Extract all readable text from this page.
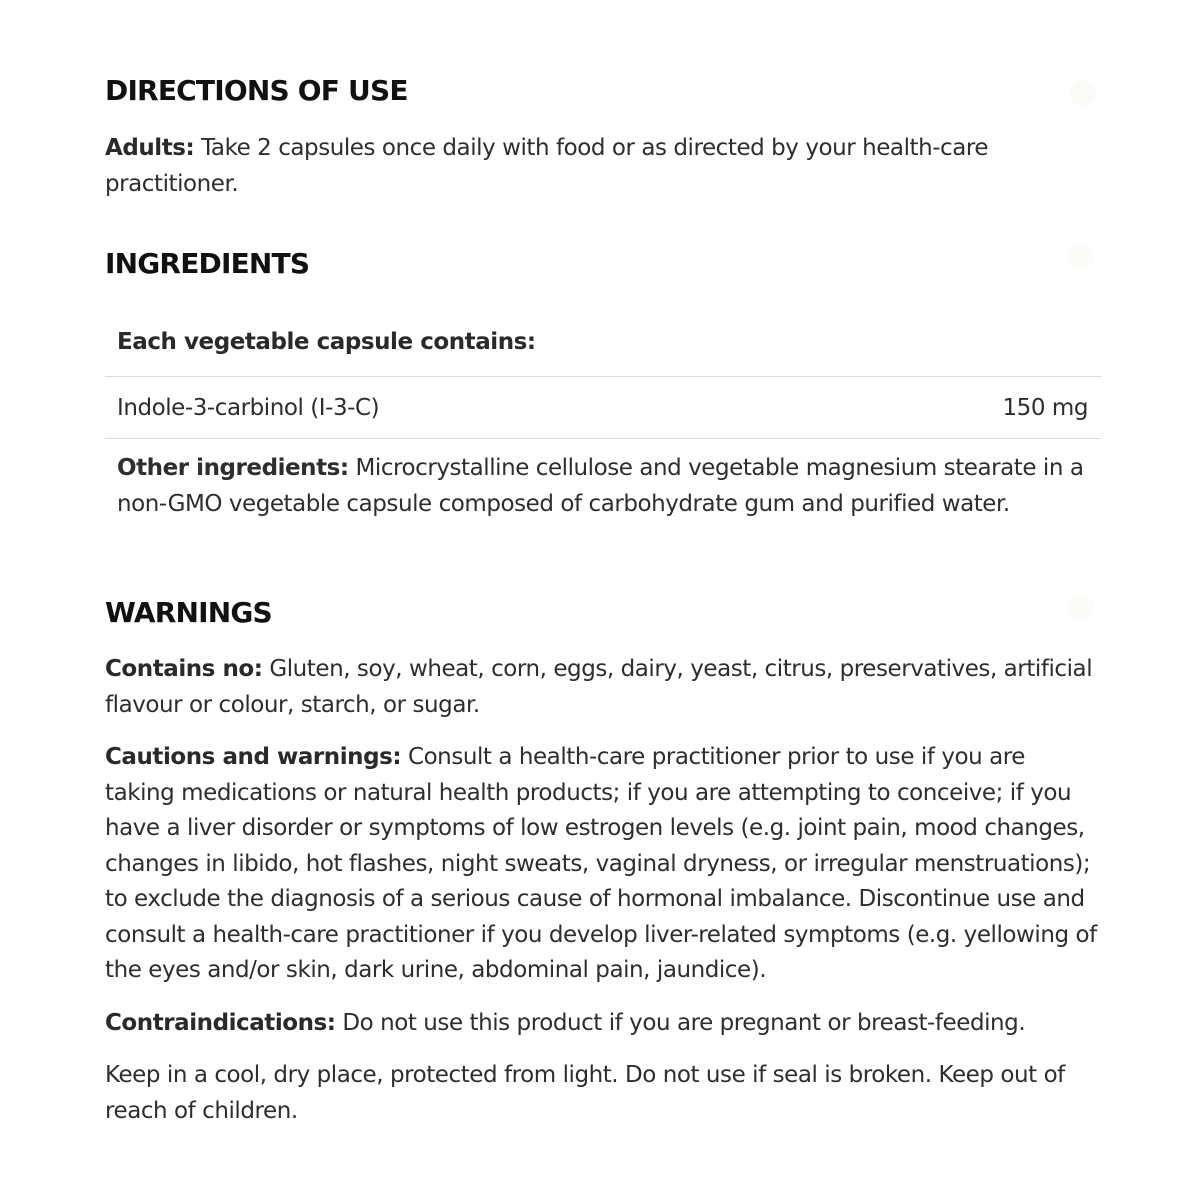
DIRECTIONS OF USE

Adults: Take 2 capsules once daily with food or as directed by your health-care practitioner.

INGREDIENTS
Each vegetable capsule contains:
Indole-3-carbinol (I-3-C)	150 mg
Other ingredients: Microcrystalline cellulose and vegetable magnesium stearate in a non-GMO vegetable capsule composed of carbohydrate gum and purified water.
WARNINGS

Contains no: Gluten, soy, wheat, corn, eggs, dairy, yeast, citrus, preservatives, artificial flavour or colour, starch, or sugar.

Cautions and warnings: Consult a health-care practitioner prior to use if you are taking medications or natural health products; if you are attempting to conceive; if you have a liver disorder or symptoms of low estrogen levels (e.g. joint pain, mood changes, changes in libido, hot flashes, night sweats, vaginal dryness, or irregular menstruations); to exclude the diagnosis of a serious cause of hormonal imbalance. Discontinue use and consult a health-care practitioner if you develop liver-related symptoms (e.g. yellowing of the eyes and/or skin, dark urine, abdominal pain, jaundice).

Contraindications: Do not use this product if you are pregnant or breast-feeding.

Keep in a cool, dry place, protected from light. Do not use if seal is broken. Keep out of reach of children.
